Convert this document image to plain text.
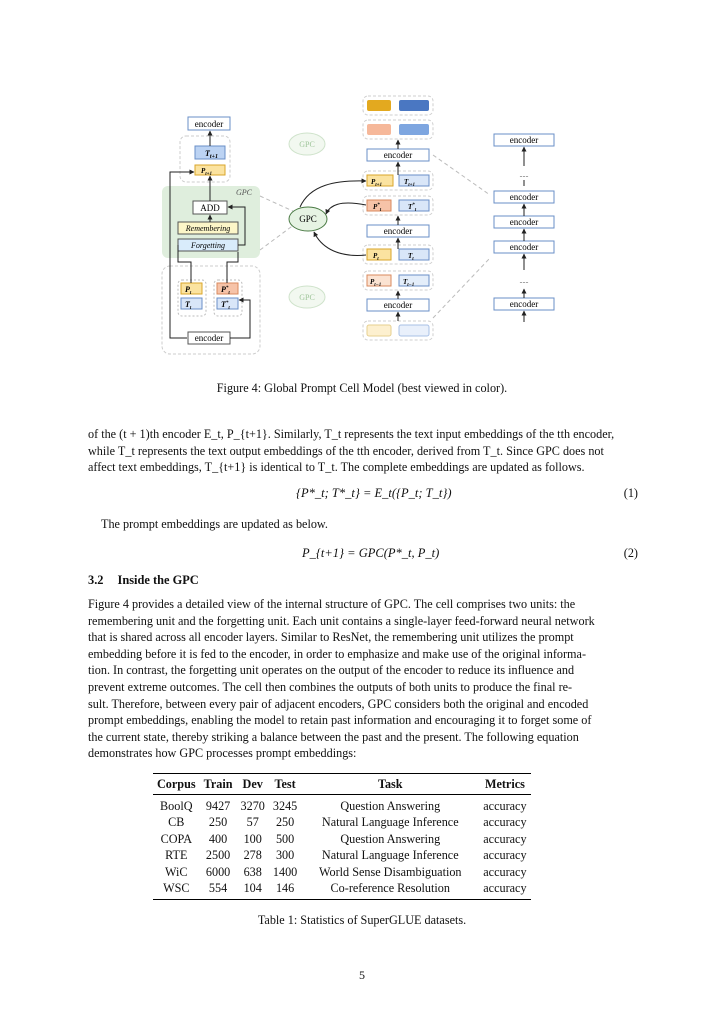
encoder
$T_{t+1}$
$P_{t+1}$
GPC
ADD
Remembering
Forgetting
$P_t$	$P^*_t$
$T_t$	$T^*_t$
encoder
encoder
$P_{t+1}$	$T_{t+1}$
$P^*_t$	$T^*_t$
encoder
$P_t$	$T_t$
$P_{t-1}$	$T_{t-1}$
encoder
GPC
GPC
GPC
encoder
......
encoder
encoder
encoder
......
encoder
Figure 4: Global Prompt Cell Model (best viewed in color).

of the (t + 1)th encoder E_t, P_{t+1}. Similarly, T_t represents the text input embeddings of the tth encoder,
while T_t represents the text output embeddings of the tth encoder, derived from T_t. Since GPC does not
affect text embeddings, T_{t+1} is identical to T_t. The complete embeddings are updated as follows.

{P*_t; T*_t} = E_t({P_t; T_t})	(1)
The prompt embeddings are updated as below.
P_{t+1} = GPC(P*_t, P_t)	(2)
3.2 Inside the GPC

Figure 4 provides a detailed view of the internal structure of GPC. The cell comprises two units: the
remembering unit and the forgetting unit. Each unit contains a single-layer feed-forward neural network
that is shared across all encoder layers. Similar to ResNet, the remembering unit utilizes the prompt
embedding before it is fed to the encoder, in order to emphasize and make use of the original informa-
tion. In contrast, the forgetting unit operates on the output of the encoder to reduce its influence and
prevent extreme outcomes. The cell then combines the outputs of both units to produce the final re-
sult. Therefore, between every pair of adjacent encoders, GPC considers both the original and encoded
prompt embeddings, enabling the model to retain past information and encouraging it to forget some of
the current state, thereby striking a balance between the past and the present. The following equation
demonstrates how GPC processes prompt embeddings:

Corpus	Train	Dev	Test	Task	Metrics
BoolQ	9427	3270	3245	Question Answering	accuracy
CB	250	57	250	Natural Language Inference	accuracy
COPA	400	100	500	Question Answering	accuracy
RTE	2500	278	300	Natural Language Inference	accuracy
WiC	6000	638	1400	World Sense Disambiguation	accuracy
WSC	554	104	146	Co-reference Resolution	accuracy
Table 1: Statistics of SuperGLUE datasets.
5
